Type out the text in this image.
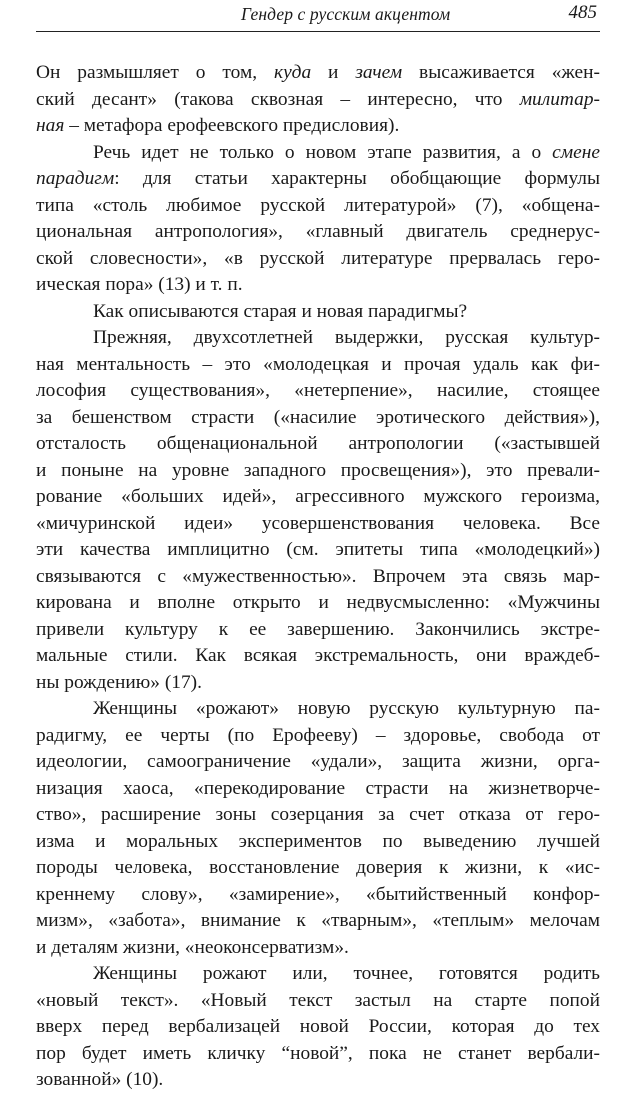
Гендер с русским акцентом	485
Он размышляет о том, куда и зачем высаживается «жен-
ский десант» (такова сквозная – интересно, что милитар-
ная – метафора ерофеевского предисловия).
Речь идет не только о новом этапе развития, а о смене
парадигм: для статьи характерны обобщающие формулы
типа «столь любимое русской литературой» (7), «общена-
циональная антропология», «главный двигатель среднерус-
ской словесности», «в русской литературе прервалась геро-
ическая пора» (13) и т. п.
Как описываются старая и новая парадигмы?
Прежняя, двухсотлетней выдержки, русская культур-
ная ментальность – это «молодецкая и прочая удаль как фи-
лософия существования», «нетерпение», насилие, стоящее
за бешенством страсти («насилие эротического действия»),
отсталость общенациональной антропологии («застывшей
и поныне на уровне западного просвещения»), это превали-
рование «больших идей», агрессивного мужского героизма,
«мичуринской идеи» усовершенствования человека. Все
эти качества имплицитно (см. эпитеты типа «молодецкий»)
связываются с «мужественностью». Впрочем эта связь мар-
кирована и вполне открыто и недвусмысленно: «Мужчины
привели культуру к ее завершению. Закончились экстре-
мальные стили. Как всякая экстремальность, они враждеб-
ны рождению» (17).
Женщины «рожают» новую русскую культурную па-
радигму, ее черты (по Ерофееву) – здоровье, свобода от
идеологии, самоограничение «удали», защита жизни, орга-
низация хаоса, «перекодирование страсти на жизнетворче-
ство», расширение зоны созерцания за счет отказа от геро-
изма и моральных экспериментов по выведению лучшей
породы человека, восстановление доверия к жизни, к «ис-
креннему слову», «замирение», «бытийственный конфор-
мизм», «забота», внимание к «тварным», «теплым» мелочам
и деталям жизни, «неоконсерватизм».
Женщины рожают или, точнее, готовятся родить
«новый текст». «Новый текст застыл на старте попой
вверх перед вербализацей новой России, которая до тех
пор будет иметь кличку “новой”, пока не станет вербали-
зованной» (10).
